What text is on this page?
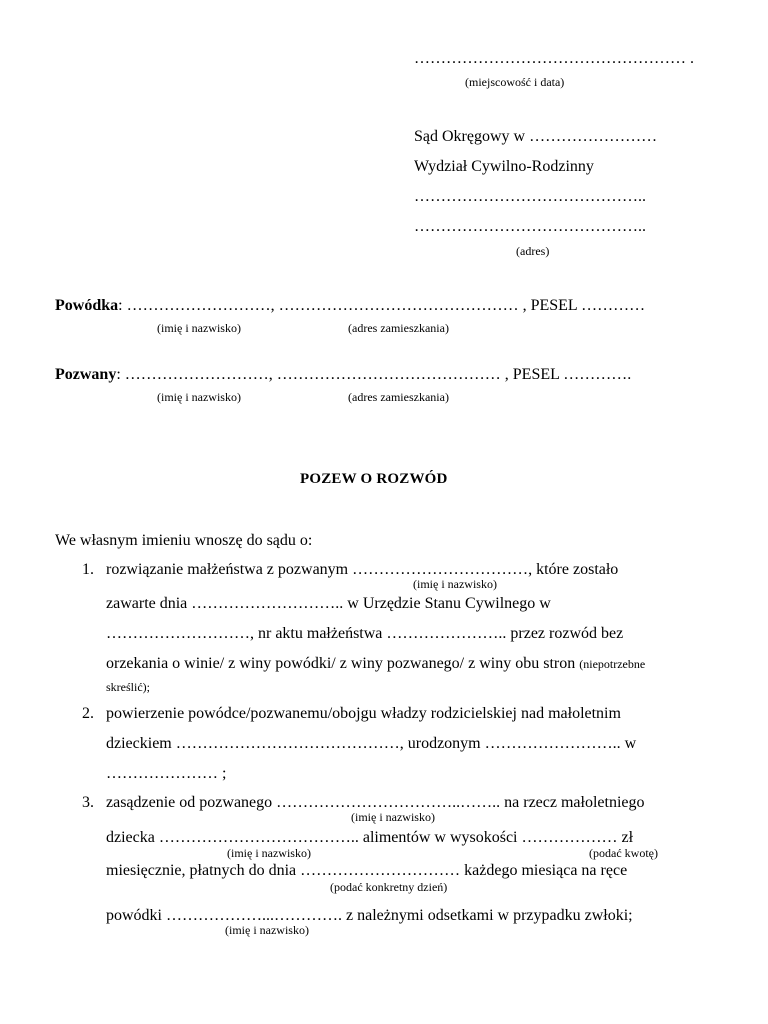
…………………………………………… .
(miejscowość i data)
Sąd Okręgowy w ……………………
Wydział Cywilno-Rodzinny
……………………………………..
……………………………………..
(adres)
Powódka: ………………………, ……………………………………… , PESEL …………
(imię i nazwisko)	(adres zamieszkania)
Pozwany: ………………………, …………………………………… , PESEL ………….
(imię i nazwisko)	(adres zamieszkania)
POZEW O ROZWÓD
We własnym imieniu wnoszę do sądu o:
1. rozwiązanie małżeństwa z pozwanym ……………………………, które zostało
(imię i nazwisko)
zawarte dnia ……………………….. w Urzędzie Stanu Cywilnego w
………………………, nr aktu małżeństwa ………………….. przez rozwód bez
orzekania o winie/ z winy powódki/ z winy pozwanego/ z winy obu stron (niepotrzebne
skreślić);
2. powierzenie powódce/pozwanemu/obojgu władzy rodzicielskiej nad małoletnim
dzieckiem ……………………………………, urodzonym …………………….. w
………………… ;
3. zasądzenie od pozwanego ……………………………..…….. na rzecz małoletniego
(imię i nazwisko)
dziecka ……………………………….. alimentów w wysokości ……………… zł
(imię i nazwisko)	(podać kwotę)
miesięcznie, płatnych do dnia ………………………… każdego miesiąca na ręce
(podać konkretny dzień)
powódki ………………...…………. z należnymi odsetkami w przypadku zwłoki;
(imię i nazwisko)
